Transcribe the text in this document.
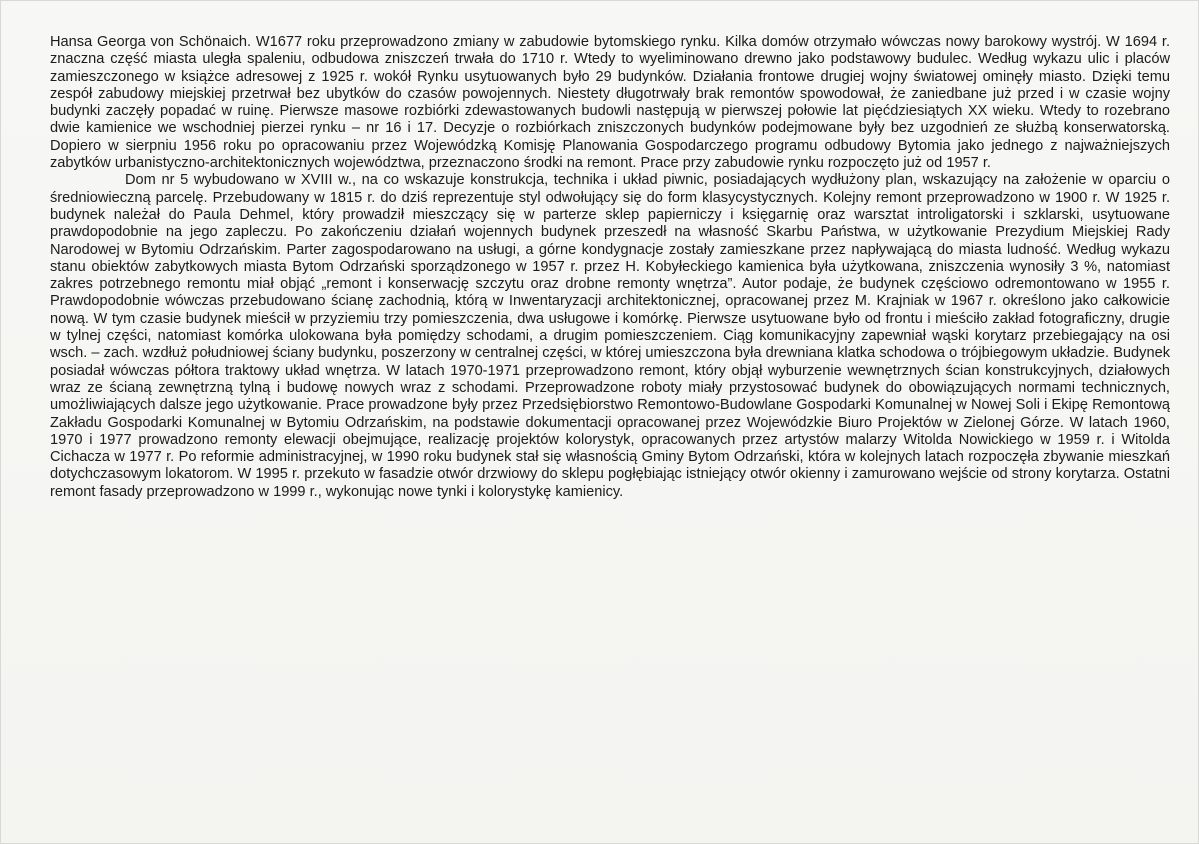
Hansa Georga von Schönaich. W1677 roku przeprowadzono zmiany w zabudowie bytomskiego rynku. Kilka domów otrzymało wówczas nowy barokowy wystrój. W 1694 r. znaczna część miasta uległa spaleniu, odbudowa zniszczeń trwała do 1710 r. Wtedy to wyeliminowano drewno jako podstawowy budulec. Według wykazu ulic i placów zamieszczonego w książce adresowej z 1925 r. wokół Rynku usytuowanych było 29 budynków. Działania frontowe drugiej wojny światowej ominęły miasto. Dzięki temu zespół zabudowy miejskiej przetrwał bez ubytków do czasów powojennych. Niestety długotrwały brak remontów spowodował, że zaniedbane już przed i w czasie wojny budynki zaczęły popadać w ruinę. Pierwsze masowe rozbiórki zdewastowanych budowli następują w pierwszej połowie lat pięćdziesiątych XX wieku. Wtedy to rozebrano dwie kamienice we wschodniej pierzei rynku – nr 16 i 17. Decyzje o rozbiórkach zniszczonych budynków podejmowane były bez uzgodnień ze służbą konserwatorską. Dopiero w sierpniu 1956 roku po opracowaniu przez Wojewódzką Komisję Planowania Gospodarczego programu odbudowy Bytomia jako jednego z najważniejszych zabytków urbanistyczno-architektonicznych województwa, przeznaczono środki na remont. Prace przy zabudowie rynku rozpoczęto już od 1957 r.

Dom nr 5 wybudowano w XVIII w., na co wskazuje konstrukcja, technika i układ piwnic, posiadających wydłużony plan, wskazujący na założenie w oparciu o średniowieczną parcelę. Przebudowany w 1815 r. do dziś reprezentuje styl odwołujący się do form klasycystycznych. Kolejny remont przeprowadzono w 1900 r. W 1925 r. budynek należał do Paula Dehmel, który prowadził mieszczący się w parterze sklep papierniczy i księgarnię oraz warsztat introligatorski i szklarski, usytuowane prawdopodobnie na jego zapleczu. Po zakończeniu działań wojennych budynek przeszedł na własność Skarbu Państwa, w użytkowanie Prezydium Miejskiej Rady Narodowej w Bytomiu Odrzańskim. Parter zagospodarowano na usługi, a górne kondygnacje zostały zamieszkane przez napływającą do miasta ludność. Według wykazu stanu obiektów zabytkowych miasta Bytom Odrzański sporządzonego w 1957 r. przez H. Kobyłeckiego kamienica była użytkowana, zniszczenia wynosiły 3 %, natomiast zakres potrzebnego remontu miał objąć „remont i konserwację szczytu oraz drobne remonty wnętrza”. Autor podaje, że budynek częściowo odremontowano w 1955 r. Prawdopodobnie wówczas przebudowano ścianę zachodnią, którą w Inwentaryzacji architektonicznej, opracowanej przez M. Krajniak w 1967 r. określono jako całkowicie nową. W tym czasie budynek mieścił w przyziemiu trzy pomieszczenia, dwa usługowe i komórkę. Pierwsze usytuowane było od frontu i mieściło zakład fotograficzny, drugie w tylnej części, natomiast komórka ulokowana była pomiędzy schodami, a drugim pomieszczeniem. Ciąg komunikacyjny zapewniał wąski korytarz przebiegający na osi wsch. – zach. wzdłuż południowej ściany budynku, poszerzony w centralnej części, w której umieszczona była drewniana klatka schodowa o trójbiegowym układzie. Budynek posiadał wówczas półtora traktowy układ wnętrza. W latach 1970-1971 przeprowadzono remont, który objął wyburzenie wewnętrznych ścian konstrukcyjnych, działowych wraz ze ścianą zewnętrzną tylną i budowę nowych wraz z schodami. Przeprowadzone roboty miały przystosować budynek do obowiązujących normami technicznych, umożliwiających dalsze jego użytkowanie. Prace prowadzone były przez Przedsiębiorstwo Remontowo-Budowlane Gospodarki Komunalnej w Nowej Soli i Ekipę Remontową Zakładu Gospodarki Komunalnej w Bytomiu Odrzańskim, na podstawie dokumentacji opracowanej przez Wojewódzkie Biuro Projektów w Zielonej Górze. W latach 1960, 1970 i 1977 prowadzono remonty elewacji obejmujące, realizację projektów kolorystyk, opracowanych przez artystów malarzy Witolda Nowickiego w 1959 r. i Witolda Cichacza w 1977 r. Po reformie administracyjnej, w 1990 roku budynek stał się własnością Gminy Bytom Odrzański, która w kolejnych latach rozpoczęła zbywanie mieszkań dotychczasowym lokatorom. W 1995 r. przekuto w fasadzie otwór drzwiowy do sklepu pogłębiając istniejący otwór okienny i zamurowano wejście od strony korytarza. Ostatni remont fasady przeprowadzono w 1999 r., wykonując nowe tynki i kolorystykę kamienicy.
